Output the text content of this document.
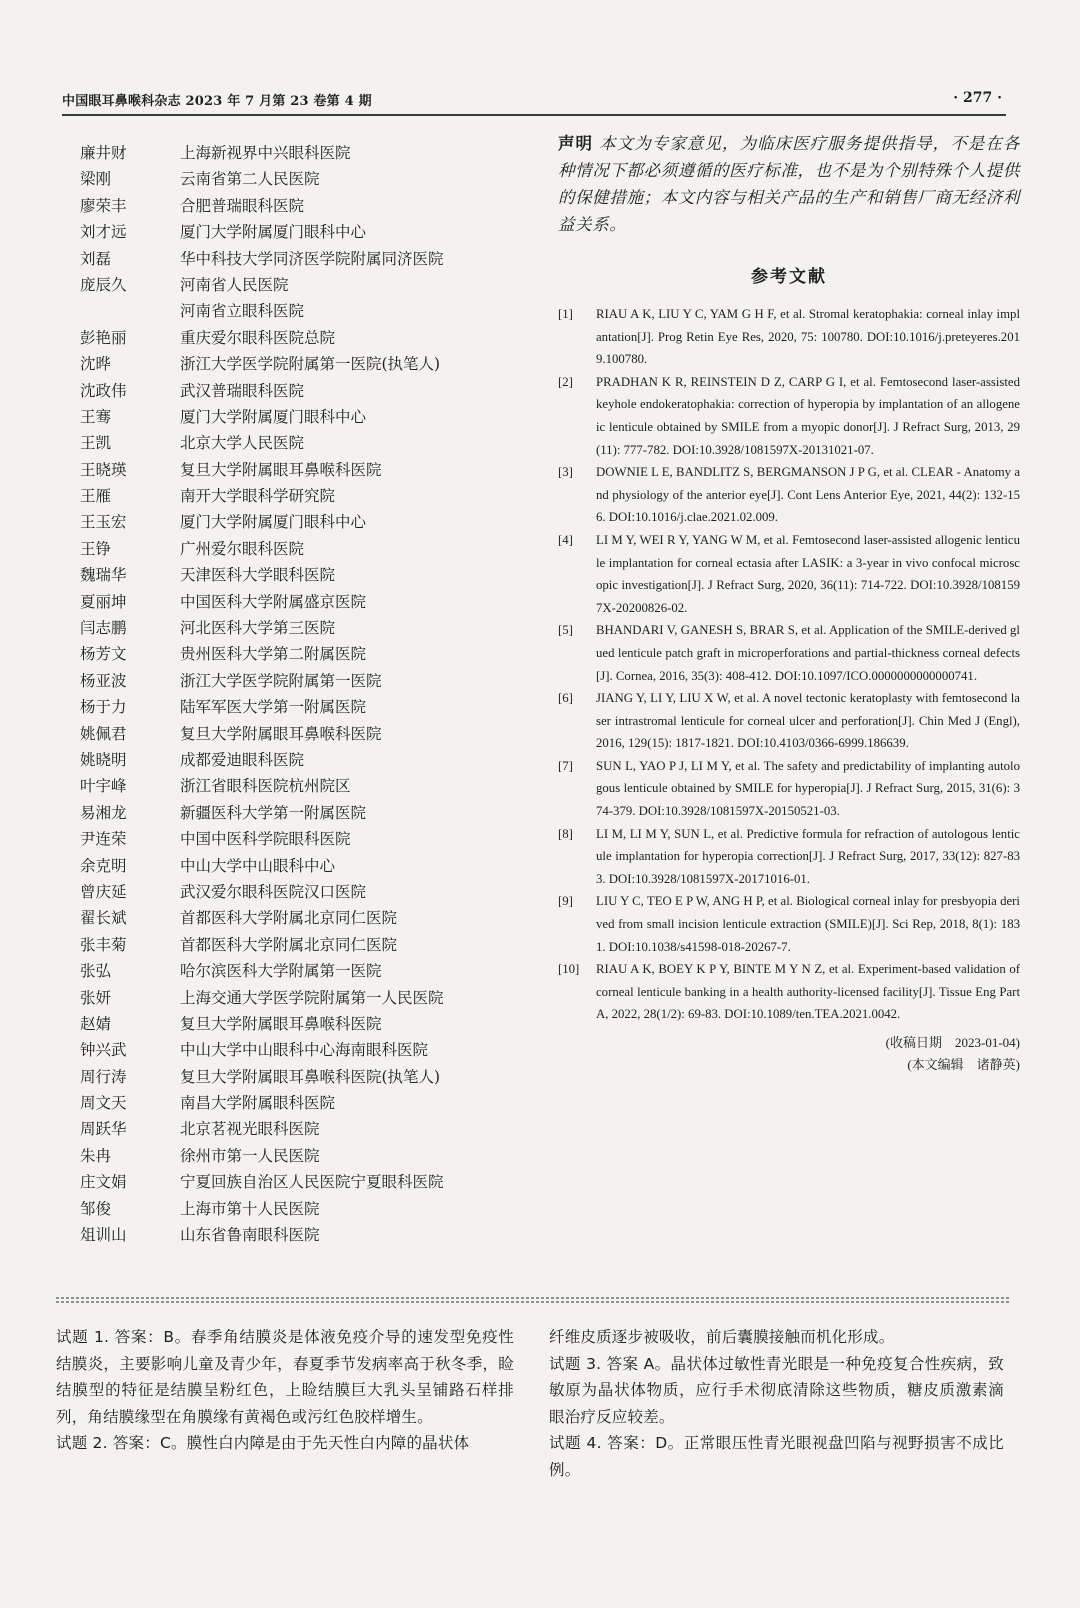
中国眼耳鼻喉科杂志 2023 年 7 月第 23 卷第 4 期	· 277 ·
廉井财	上海新视界中兴眼科医院
梁刚	云南省第二人民医院
廖荣丰	合肥普瑞眼科医院
刘才远	厦门大学附属厦门眼科中心
刘磊	华中科技大学同济医学院附属同济医院
庞辰久	河南省人民医院
河南省立眼科医院
彭艳丽	重庆爱尔眼科医院总院
沈晔	浙江大学医学院附属第一医院(执笔人)
沈政伟	武汉普瑞眼科医院
王骞	厦门大学附属厦门眼科中心
王凯	北京大学人民医院
王晓瑛	复旦大学附属眼耳鼻喉科医院
王雁	南开大学眼科学研究院
王玉宏	厦门大学附属厦门眼科中心
王铮	广州爱尔眼科医院
魏瑞华	天津医科大学眼科医院
夏丽坤	中国医科大学附属盛京医院
闫志鹏	河北医科大学第三医院
杨芳文	贵州医科大学第二附属医院
杨亚波	浙江大学医学院附属第一医院
杨于力	陆军军医大学第一附属医院
姚佩君	复旦大学附属眼耳鼻喉科医院
姚晓明	成都爱迪眼科医院
叶宇峰	浙江省眼科医院杭州院区
易湘龙	新疆医科大学第一附属医院
尹连荣	中国中医科学院眼科医院
余克明	中山大学中山眼科中心
曾庆延	武汉爱尔眼科医院汉口医院
翟长斌	首都医科大学附属北京同仁医院
张丰菊	首都医科大学附属北京同仁医院
张弘	哈尔滨医科大学附属第一医院
张妍	上海交通大学医学院附属第一人民医院
赵婧	复旦大学附属眼耳鼻喉科医院
钟兴武	中山大学中山眼科中心海南眼科医院
周行涛	复旦大学附属眼耳鼻喉科医院(执笔人)
周文天	南昌大学附属眼科医院
周跃华	北京茗视光眼科医院
朱冉	徐州市第一人民医院
庄文娟	宁夏回族自治区人民医院宁夏眼科医院
邹俊	上海市第十人民医院
俎训山	山东省鲁南眼科医院
声明 本文为专家意见，为临床医疗服务提供指导，不是在各种情况下都必须遵循的医疗标准，也不是为个别特殊个人提供的保健措施；本文内容与相关产品的生产和销售厂商无经济利益关系。
参考文献
[1] RIAU A K, LIU Y C, YAM G H F, et al. Stromal keratophakia: corneal inlay implantation[J]. Prog Retin Eye Res, 2020, 75: 100780. DOI:10.1016/j.preteyeres.2019.100780.
[2] PRADHAN K R, REINSTEIN D Z, CARP G I, et al. Femtosecond laser-assisted keyhole endokeratophakia: correction of hyperopia by implantation of an allogeneic lenticule obtained by SMILE from a myopic donor[J]. J Refract Surg, 2013, 29(11): 777-782. DOI:10.3928/1081597X-20131021-07.
[3] DOWNIE L E, BANDLITZ S, BERGMANSON J P G, et al. CLEAR - Anatomy and physiology of the anterior eye[J]. Cont Lens Anterior Eye, 2021, 44(2): 132-156. DOI:10.1016/j.clae.2021.02.009.
[4] LI M Y, WEI R Y, YANG W M, et al. Femtosecond laser-assisted allogenic lenticule implantation for corneal ectasia after LASIK: a 3-year in vivo confocal microscopic investigation[J]. J Refract Surg, 2020, 36(11): 714-722. DOI:10.3928/1081597X-20200826-02.
[5] BHANDARI V, GANESH S, BRAR S, et al. Application of the SMILE-derived glued lenticule patch graft in microperforations and partial-thickness corneal defects[J]. Cornea, 2016, 35(3): 408-412. DOI:10.1097/ICO.0000000000000741.
[6] JIANG Y, LI Y, LIU X W, et al. A novel tectonic keratoplasty with femtosecond laser intrastromal lenticule for corneal ulcer and perforation[J]. Chin Med J (Engl), 2016, 129(15): 1817-1821. DOI:10.4103/0366-6999.186639.
[7] SUN L, YAO P J, LI M Y, et al. The safety and predictability of implanting autologous lenticule obtained by SMILE for hyperopia[J]. J Refract Surg, 2015, 31(6): 374-379. DOI:10.3928/1081597X-20150521-03.
[8] LI M, LI M Y, SUN L, et al. Predictive formula for refraction of autologous lenticule implantation for hyperopia correction[J]. J Refract Surg, 2017, 33(12): 827-833. DOI:10.3928/1081597X-20171016-01.
[9] LIU Y C, TEO E P W, ANG H P, et al. Biological corneal inlay for presbyopia derived from small incision lenticule extraction (SMILE)[J]. Sci Rep, 2018, 8(1): 1831. DOI:10.1038/s41598-018-20267-7.
[10] RIAU A K, BOEY K P Y, BINTE M Y N Z, et al. Experiment-based validation of corneal lenticule banking in a health authority-licensed facility[J]. Tissue Eng Part A, 2022, 28(1/2): 69-83. DOI:10.1089/ten.TEA.2021.0042.
(收稿日期　2023-01-04)
(本文编辑　诸静英)

试题 1. 答案：B。春季角结膜炎是体液免疫介导的速发型免疫性结膜炎，主要影响儿童及青少年，春夏季节发病率高于秋冬季，睑结膜型的特征是结膜呈粉红色，上睑结膜巨大乳头呈铺路石样排列，角结膜缘型在角膜缘有黄褐色或污红色胶样增生。

试题 2. 答案：C。膜性白内障是由于先天性白内障的晶状体

纤维皮质逐步被吸收，前后囊膜接触而机化形成。

试题 3. 答案 A。晶状体过敏性青光眼是一种免疫复合性疾病，致敏原为晶状体物质，应行手术彻底清除这些物质，糖皮质激素滴眼治疗反应较差。

试题 4. 答案：D。正常眼压性青光眼视盘凹陷与视野损害不成比例。
